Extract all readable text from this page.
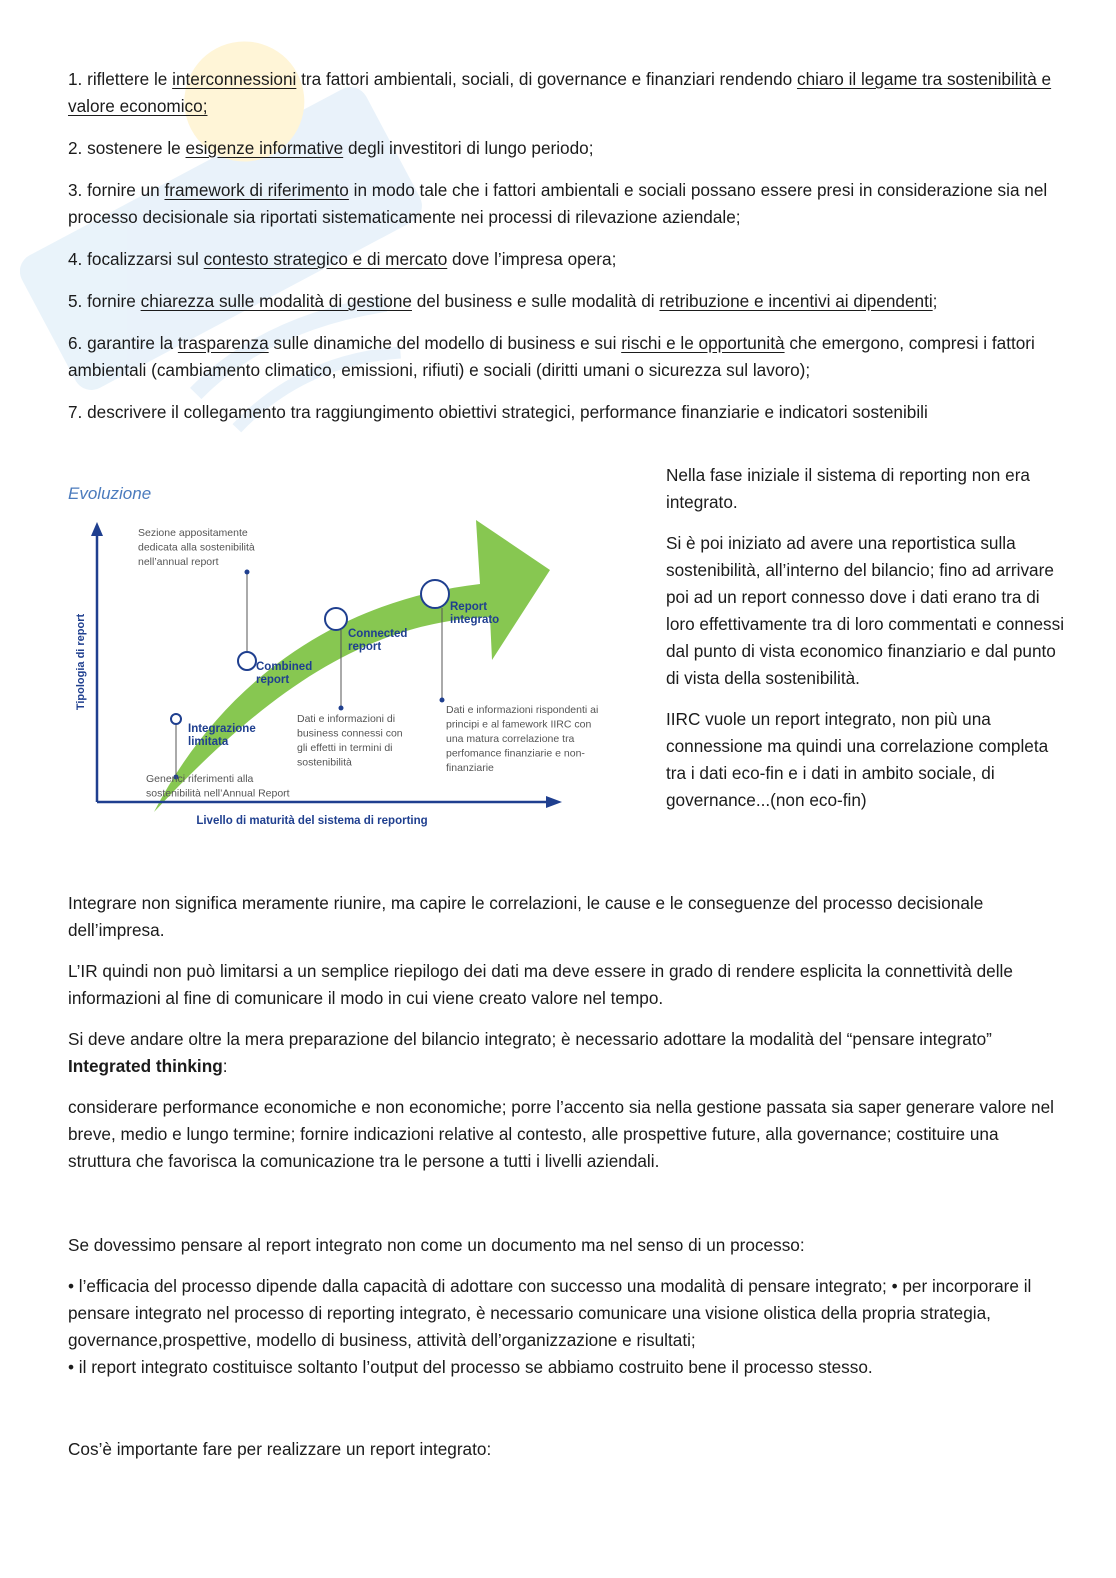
1. riflettere le interconnessioni tra fattori ambientali, sociali, di governance e finanziari rendendo chiaro il legame tra sostenibilità e valore economico;

2. sostenere le esigenze informative degli investitori di lungo periodo;

3. fornire un framework di riferimento in modo tale che i fattori ambientali e sociali possano essere presi in considerazione sia nel processo decisionale sia riportati sistematicamente nei processi di rilevazione aziendale;

4. focalizzarsi sul contesto strategico e di mercato dove l’impresa opera;

5. fornire chiarezza sulle modalità di gestione del business e sulle modalità di retribuzione e incentivi ai dipendenti;

6. garantire la trasparenza sulle dinamiche del modello di business e sui rischi e le opportunità che emergono, compresi i fattori ambientali (cambiamento climatico, emissioni, rifiuti) e sociali (diritti umani o sicurezza sul lavoro);

7. descrivere il collegamento tra raggiungimento obiettivi strategici, performance finanziarie e indicatori sostenibili

Evoluzione
Tipologia di report
Livello di maturità del sistema di reporting
Integrazione limitata
Generici riferimenti alla sostenibilità nell’Annual Report
Combined report
Sezione appositamente dedicata alla sostenibilità nell’annual report
Connected report
Dati e informazioni di business connessi con gli effetti in termini di sostenibilità
Report integrato
Dati e informazioni rispondenti ai principi e al famework IIRC con una matura correlazione tra perfomance finanziarie e non-finanziarie

Nella fase iniziale il sistema di reporting non era integrato.

Si è poi iniziato ad avere una reportistica sulla sostenibilità, all’interno del bilancio; fino ad arrivare poi ad un report connesso dove i dati erano tra di loro effettivamente tra di loro commentati e connessi dal punto di vista economico finanziario e dal punto di vista della sostenibilità.

IIRC vuole un report integrato, non più una connessione ma quindi una correlazione completa tra i dati eco-fin e i dati in ambito sociale, di governance...(non eco-fin)

Integrare non significa meramente riunire, ma capire le correlazioni, le cause e le conseguenze del processo decisionale dell’impresa.

L’IR quindi non può limitarsi a un semplice riepilogo dei dati ma deve essere in grado di rendere esplicita la connettività delle informazioni al fine di comunicare il modo in cui viene creato valore nel tempo.

Si deve andare oltre la mera preparazione del bilancio integrato; è necessario adottare la modalità del “pensare integrato” Integrated thinking:

considerare performance economiche e non economiche; porre l’accento sia nella gestione passata sia saper generare valore nel breve, medio e lungo termine; fornire indicazioni relative al contesto, alle prospettive future, alla governance; costituire una struttura che favorisca la comunicazione tra le persone a tutti i livelli aziendali.

Se dovessimo pensare al report integrato non come un documento ma nel senso di un processo:

• l’efficacia del processo dipende dalla capacità di adottare con successo una modalità di pensare integrato; • per incorporare il pensare integrato nel processo di reporting integrato, è necessario comunicare una visione olistica della propria strategia, governance,prospettive, modello di business, attività dell’organizzazione e risultati;
• il report integrato costituisce soltanto l’output del processo se abbiamo costruito bene il processo stesso.

Cos’è importante fare per realizzare un report integrato:
